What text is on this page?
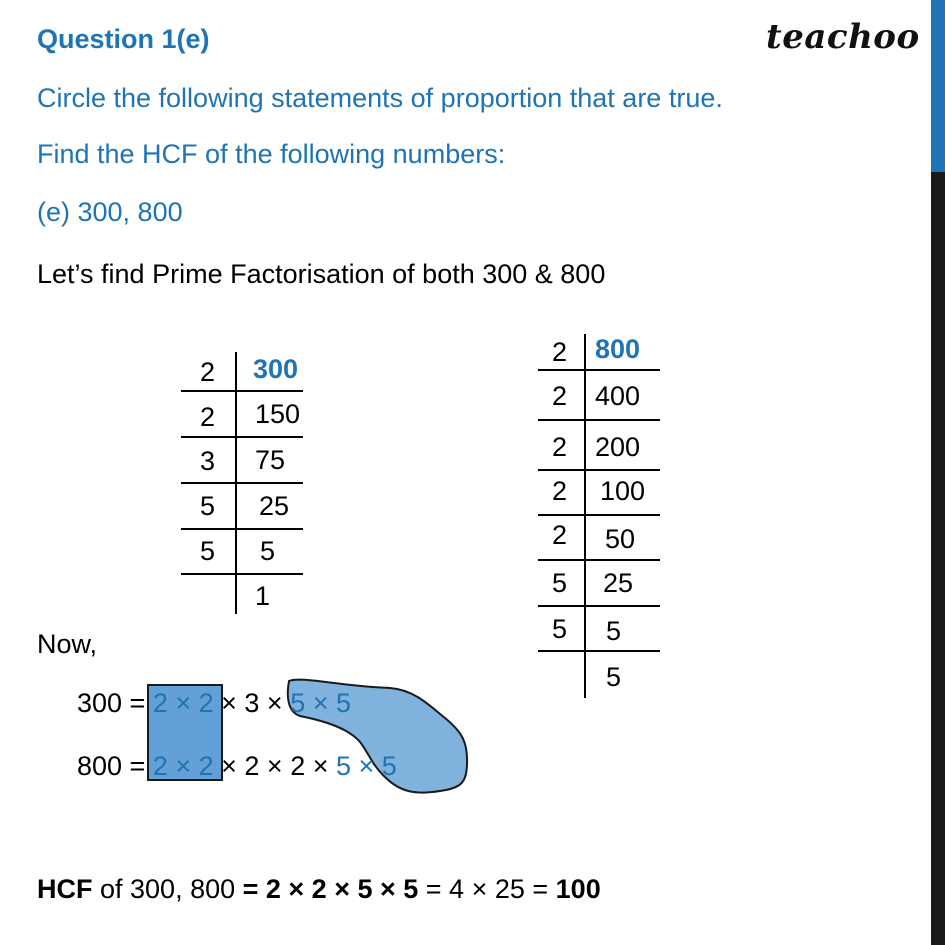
Question 1(e)	teachoo
Circle the following statements of proportion that are true.
Find the HCF of the following numbers:
(e) 300, 800
Let’s find Prime Factorisation of both 300 & 800
2 300
2 150
3 75
5 25
5 5
1
2 800
2 400
2 200
2 100
2 50
5 25
5 5
5
Now,
300 = 2 × 2 × 3 × 5 × 5
800 = 2 × 2 × 2 × 2 × 5 × 5
HCF of 300, 800 = 2 × 2 × 5 × 5 = 4 × 25 = 100
